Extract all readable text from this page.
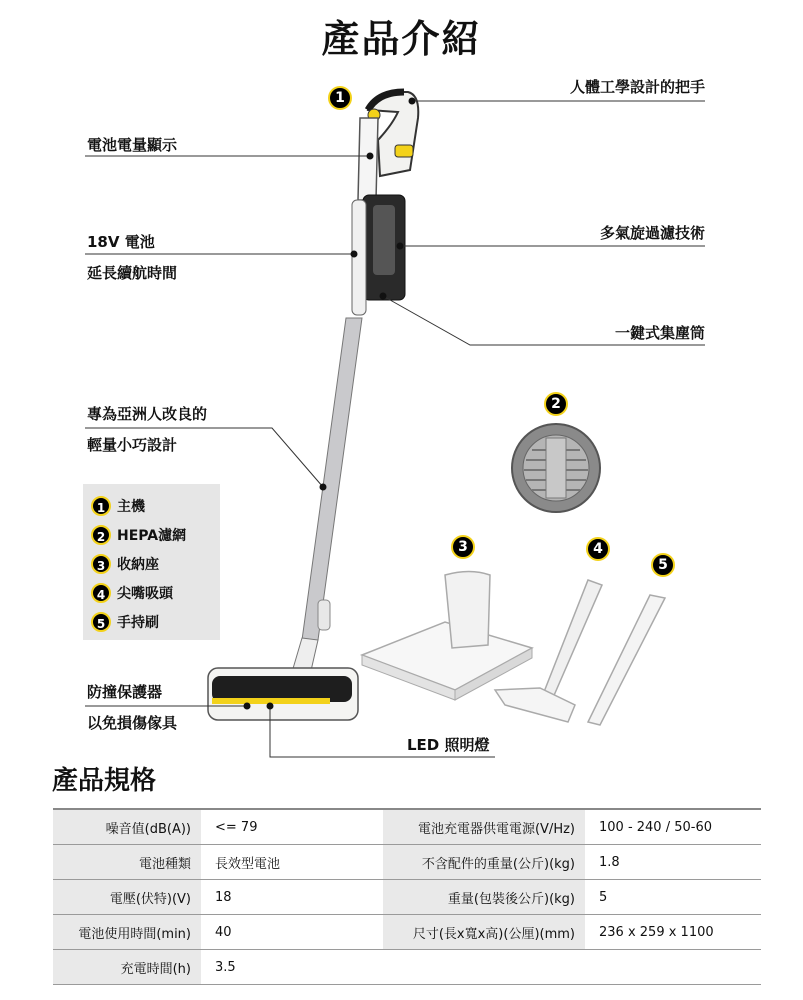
產品介紹
1
2
3	4
5
人體工學設計的把手
電池電量顯示
18V 電池
延長續航時間
多氣旋過濾技術
一鍵式集塵筒
專為亞洲人改良的
輕量小巧設計
防撞保護器
以免損傷傢具
LED 照明燈
1 主機
2 HEPA濾網
3 收納座
4 尖嘴吸頭
5 手持刷
產品規格
噪音值(dB(A))	<= 79	電池充電器供電電源(V/Hz)	100 - 240 / 50-60
電池種類	長效型電池	不含配件的重量(公斤)(kg)	1.8
電壓(伏特)(V)	18	重量(包裝後公斤)(kg)	5
電池使用時間(min)	40	尺寸(長x寬x高)(公厘)(mm)	236 x 259 x 1100
充電時間(h)	3.5		
